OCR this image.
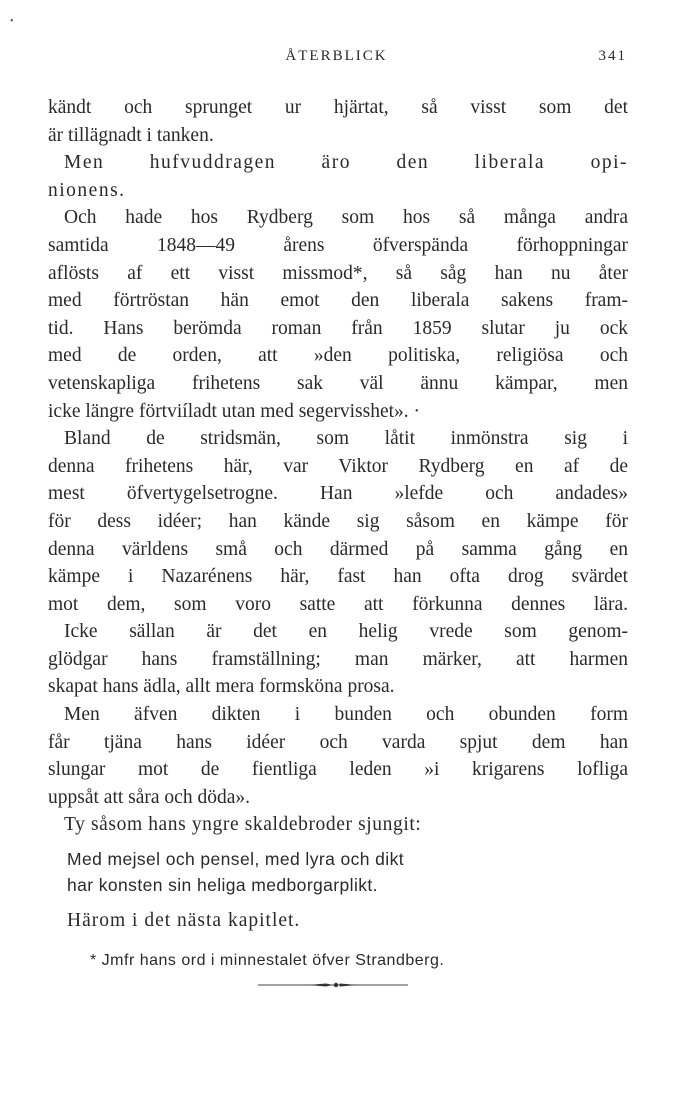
•
ÅTERBLICK	341
kändt och sprunget ur hjärtat, så visst som det
är tillägnadt i tanken.
Men hufvuddragen äro den liberala opi-
nionens.
Och hade hos Rydberg som hos så många andra
samtida 1848—49 årens öfverspända förhoppningar
aflösts af ett visst missmod*, så såg han nu åter
med förtröstan hän emot den liberala sakens fram-
tid. Hans berömda roman från 1859 slutar ju ock
med de orden, att »den politiska, religiösa och
vetenskapliga frihetens sak väl ännu kämpar, men
icke längre förtviíladt utan med segervisshet». ·
Bland de stridsmän, som låtit inmönstra sig i
denna frihetens här, var Viktor Rydberg en af de
mest öfvertygelsetrogne. Han »lefde och andades»
för dess idéer; han kände sig såsom en kämpe för
denna världens små och därmed på samma gång en
kämpe i Nazarénens här, fast han ofta drog svärdet
mot dem, som voro satte att förkunna dennes lära.
Icke sällan är det en helig vrede som genom-
glödgar hans framställning; man märker, att harmen
skapat hans ädla, allt mera formsköna prosa.
Men äfven dikten i bunden och obunden form
får tjäna hans idéer och varda spjut dem han
slungar mot de fientliga leden »i krigarens lofliga
uppsåt att såra och döda».
Ty såsom hans yngre skaldebroder sjungit:
Med mejsel och pensel, med lyra och dikt
har konsten sin heliga medborgarplikt.
Härom i det nästa kapitlet.
* Jmfr hans ord i minnestalet öfver Strandberg.
